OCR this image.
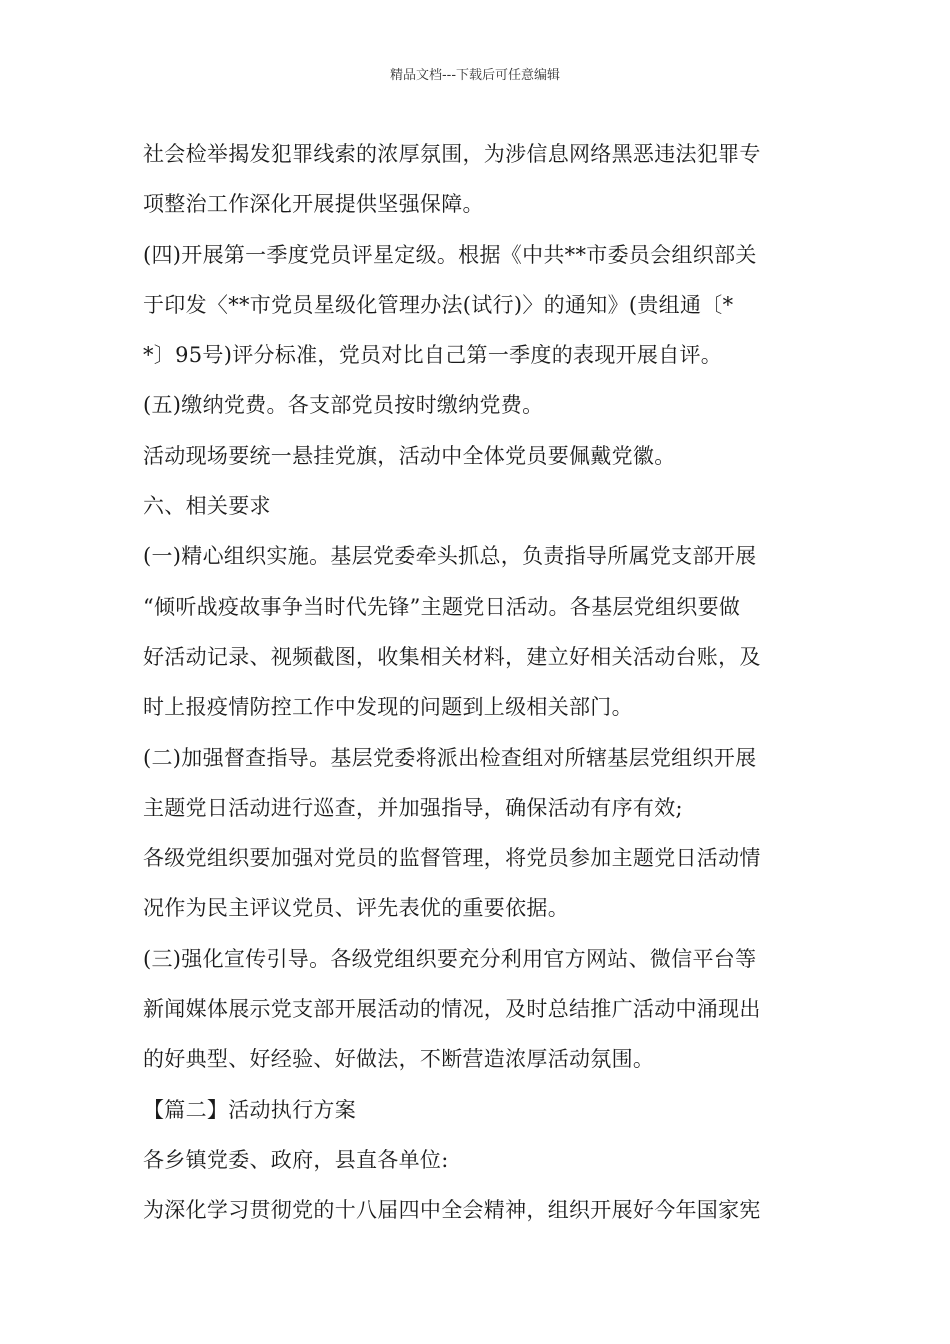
精品文档---下载后可任意编辑
社会检举揭发犯罪线索的浓厚氛围，为涉信息网络黑恶违法犯罪专
项整治工作深化开展提供坚强保障。
(四)开展第一季度党员评星定级。根据《中共**市委员会组织部关
于印发〈**市党员星级化管理办法(试行)〉的通知》(贵组通〔*
*〕95号)评分标准，党员对比自己第一季度的表现开展自评。
(五)缴纳党费。各支部党员按时缴纳党费。
活动现场要统一悬挂党旗，活动中全体党员要佩戴党徽。
六、相关要求
(一)精心组织实施。基层党委牵头抓总，负责指导所属党支部开展
“倾听战疫故事争当时代先锋”主题党日活动。各基层党组织要做
好活动记录、视频截图，收集相关材料，建立好相关活动台账，及
时上报疫情防控工作中发现的问题到上级相关部门。
(二)加强督查指导。基层党委将派出检查组对所辖基层党组织开展
主题党日活动进行巡查，并加强指导，确保活动有序有效;
各级党组织要加强对党员的监督管理，将党员参加主题党日活动情
况作为民主评议党员、评先表优的重要依据。
(三)强化宣传引导。各级党组织要充分利用官方网站、微信平台等
新闻媒体展示党支部开展活动的情况，及时总结推广活动中涌现出
的好典型、好经验、好做法，不断营造浓厚活动氛围。
【篇二】活动执行方案
各乡镇党委、政府，县直各单位:
为深化学习贯彻党的十八届四中全会精神，组织开展好今年国家宪
